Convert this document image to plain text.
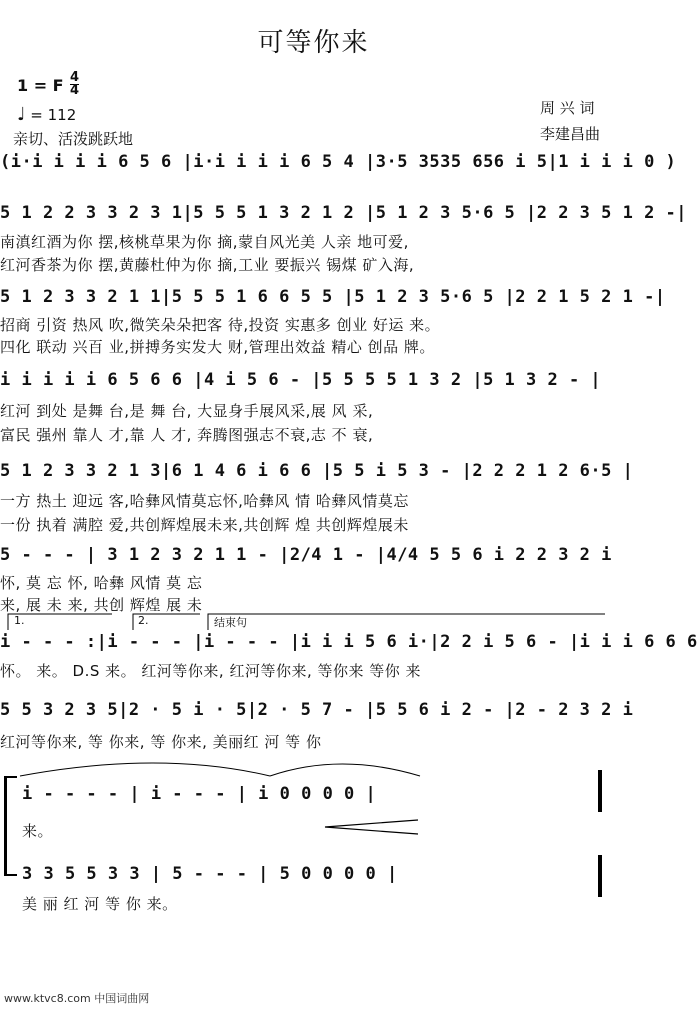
可等你来
1 = F $\frac{4}{4}$
♩ = 112
亲切、活泼跳跃地
周 兴 词
李建昌曲
(i·i i i i 6 5 6 |i·i i i i 6 5 4 |3·5 3535 656 i 5|1 i i i 0 )
5 1 2 2 3 3 2 3 1|5 5 5 1 3 2 1 2 |5 1 2 3 5·6 5 |2 2 3 5 1 2 -|
南滇红酒为你 摆,核桃草果为你 摘,蒙自风光美 人亲 地可爱,
红河香茶为你 摆,黄藤杜仲为你 摘,工业 要振兴 锡煤 矿入海,
5 1 2 3 3 2 1 1|5 5 5 1 6 6 5 5 |5 1 2 3 5·6 5 |2 2 1 5 2 1 -|
招商 引资 热风 吹,微笑朵朵把客 待,投资 实惠多 创业 好运 来。
四化 联动 兴百 业,拼搏务实发大 财,管理出效益 精心 创品 牌。
i i i i i 6 5 6 6 |4 i 5 6 - |5 5 5 5 1 3 2 |5 1 3 2 - |
红河 到处 是舞 台,是 舞 台, 大显身手展风采,展 风 采,
富民 强州 靠人 才,靠 人 才, 奔腾图强志不衰,志 不 衰,
5 1 2 3 3 2 1 3|6 1 4 6 i 6 6 |5 5 i 5 3 - |2 2 2 1 2 6·5 |
一方 热土 迎远 客,哈彝风情莫忘怀,哈彝风 情 哈彝风情莫忘
一份 执着 满腔 爱,共创辉煌展未来,共创辉 煌 共创辉煌展未
5 - - - | 3 1 2 3 2 1 1 - |2/4 1 - |4/4 5 5 6 i 2 2 3 2 i
怀, 莫 忘 怀, 哈彝 风情 莫 忘
来, 展 未 来, 共创 辉煌 展 未
1.	2.	结束句
i - - - :|i - - - |i - - - |i i i 5 6 i·|2 2 i 5 6 - |i i i 6 6 6
怀。 来。 D.S 来。 红河等你来, 红河等你来, 等你来 等你 来
5 5 3 2 3 5|2 · 5 i · 5|2 · 5 7 - |5 5 6 i 2 - |2 - 2 3 2 i
红河等你来, 等 你来, 等 你来, 美丽红 河 等 你
i - - - - | i - - - | i 0 0 0 0 |
来。
3 3 5 5 3 3 | 5 - - - | 5 0 0 0 0 |
美 丽 红 河 等 你 来。
www.ktvc8.com 中国词曲网
